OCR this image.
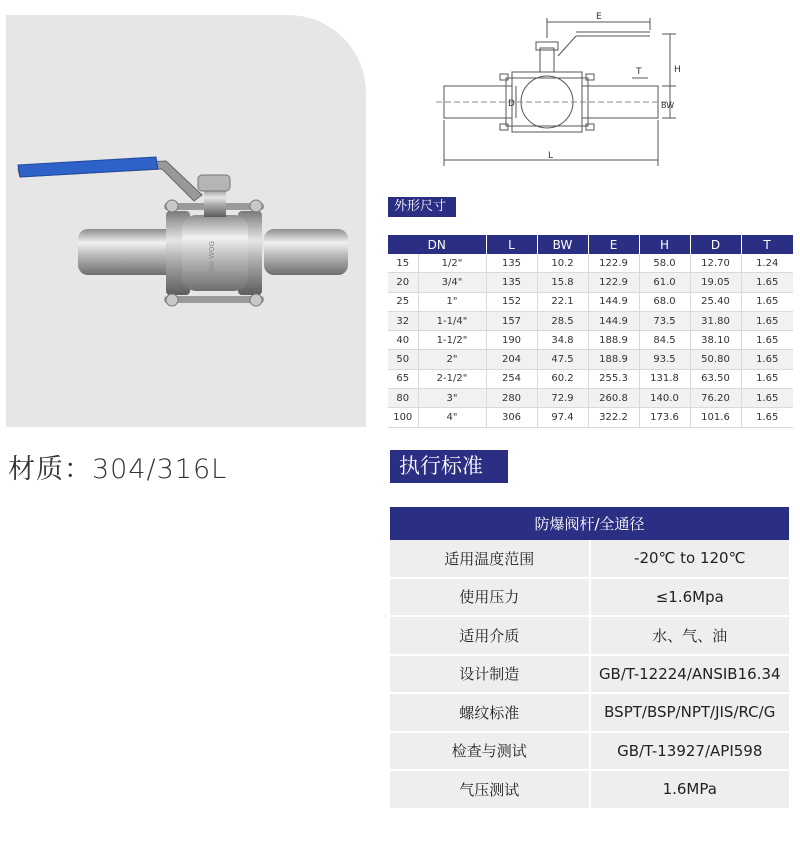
1000 WOG
材质：304/316L
E
H
T
D	BW
L
外形尺寸
DN		L	BW	E	H	D	T
15	1/2"	135	10.2	122.9	58.0	12.70	1.24
20	3/4"	135	15.8	122.9	61.0	19.05	1.65
25	1"	152	22.1	144.9	68.0	25.40	1.65
32	1-1/4"	157	28.5	144.9	73.5	31.80	1.65
40	1-1/2"	190	34.8	188.9	84.5	38.10	1.65
50	2"	204	47.5	188.9	93.5	50.80	1.65
65	2-1/2"	254	60.2	255.3	131.8	63.50	1.65
80	3"	280	72.9	260.8	140.0	76.20	1.65
100	4"	306	97.4	322.2	173.6	101.6	1.65
执行标准
防爆阀杆/全通径	
适用温度范围	-20℃ to 120℃
使用压力	≤1.6Mpa
适用介质	水、气、油
设计制造	GB/T-12224/ANSIB16.34
螺纹标准	BSPT/BSP/NPT/JIS/RC/G
检查与测试	GB/T-13927/API598
气压测试	1.6MPa
